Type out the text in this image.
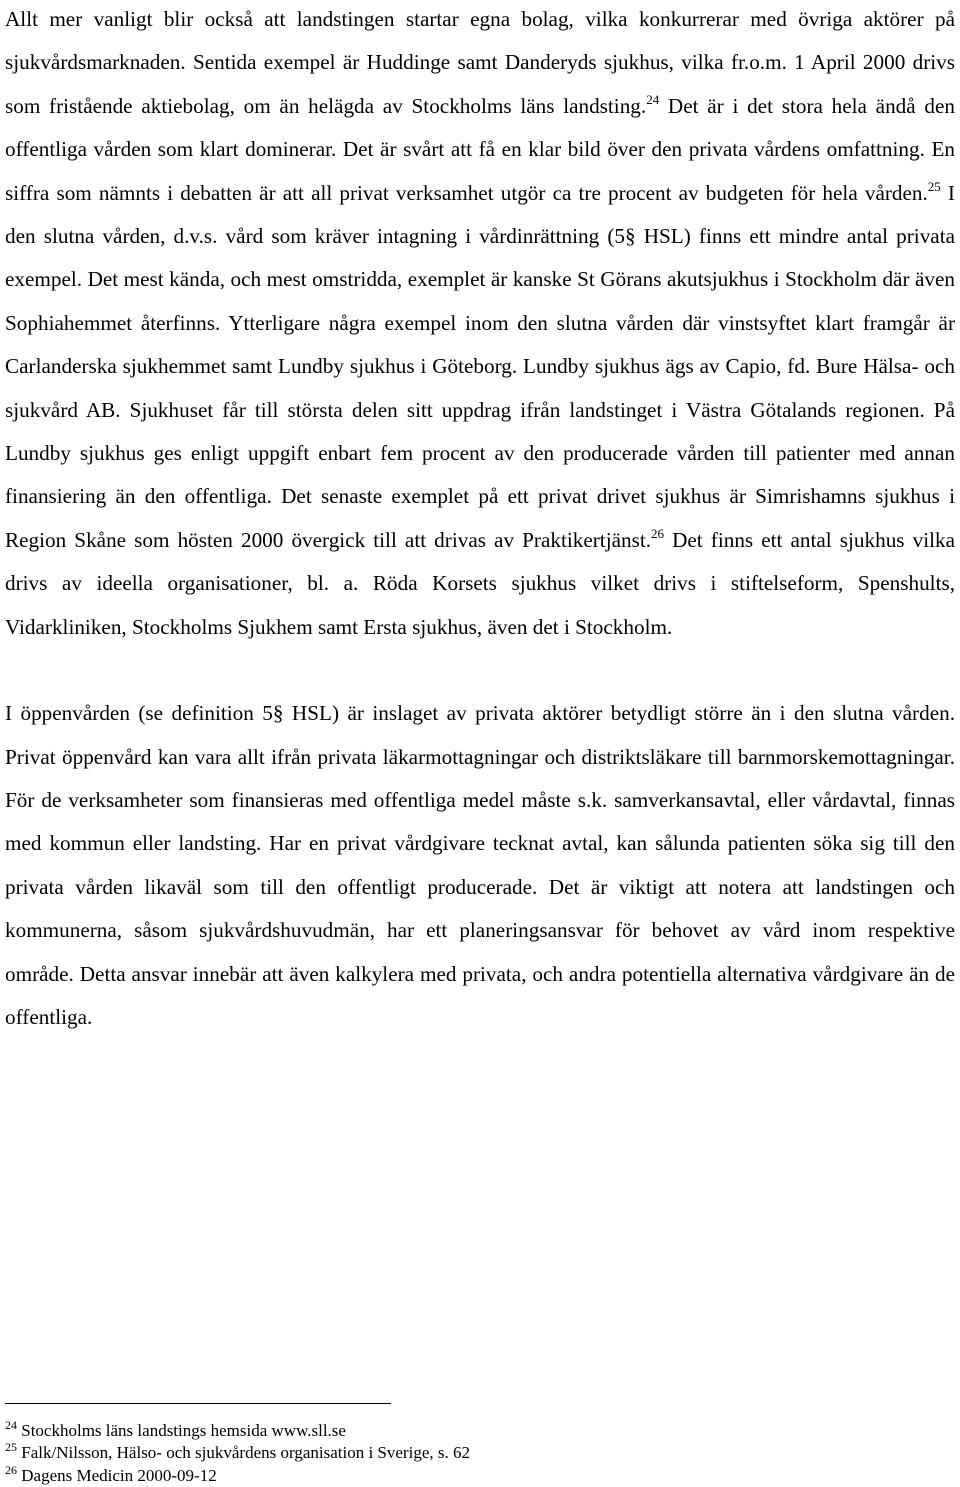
Allt mer vanligt blir också att landstingen startar egna bolag, vilka konkurrerar med övriga aktörer på sjukvårdsmarknaden. Sentida exempel är Huddinge samt Danderyds sjukhus, vilka fr.o.m. 1 April 2000 drivs som fristående aktiebolag, om än helägda av Stockholms läns landsting.$^{24}$ Det är i det stora hela ändå den offentliga vården som klart dominerar. Det är svårt att få en klar bild över den privata vårdens omfattning. En siffra som nämnts i debatten är att all privat verksamhet utgör ca tre procent av budgeten för hela vården.$^{25}$ I den slutna vården, d.v.s. vård som kräver intagning i vårdinrättning (5§ HSL) finns ett mindre antal privata exempel. Det mest kända, och mest omstridda, exemplet är kanske St Görans akutsjukhus i Stockholm där även Sophiahemmet återfinns. Ytterligare några exempel inom den slutna vården där vinstsyftet klart framgår är Carlanderska sjukhemmet samt Lundby sjukhus i Göteborg. Lundby sjukhus ägs av Capio, fd. Bure Hälsa- och sjukvård AB. Sjukhuset får till största delen sitt uppdrag ifrån landstinget i Västra Götalands regionen. På Lundby sjukhus ges enligt uppgift enbart fem procent av den producerade vården till patienter med annan finansiering än den offentliga. Det senaste exemplet på ett privat drivet sjukhus är Simrishamns sjukhus i Region Skåne som hösten 2000 övergick till att drivas av Praktikertjänst.$^{26}$ Det finns ett antal sjukhus vilka drivs av ideella organisationer, bl. a. Röda Korsets sjukhus vilket drivs i stiftelseform, Spenshults, Vidarkliniken, Stockholms Sjukhem samt Ersta sjukhus, även det i Stockholm.

I öppenvården (se definition 5§ HSL) är inslaget av privata aktörer betydligt större än i den slutna vården. Privat öppenvård kan vara allt ifrån privata läkarmottagningar och distriktsläkare till barnmorskemottagningar. För de verksamheter som finansieras med offentliga medel måste s.k. samverkansavtal, eller vårdavtal, finnas med kommun eller landsting. Har en privat vårdgivare tecknat avtal, kan sålunda patienten söka sig till den privata vården likaväl som till den offentligt producerade. Det är viktigt att notera att landstingen och kommunerna, såsom sjukvårdshuvudmän, har ett planeringsansvar för behovet av vård inom respektive område. Detta ansvar innebär att även kalkylera med privata, och andra potentiella alternativa vårdgivare än de offentliga.

$^{24}$ Stockholms läns landstings hemsida www.sll.se
$^{25}$ Falk/Nilsson, Hälso- och sjukvårdens organisation i Sverige, s. 62
$^{26}$ Dagens Medicin 2000-09-12
